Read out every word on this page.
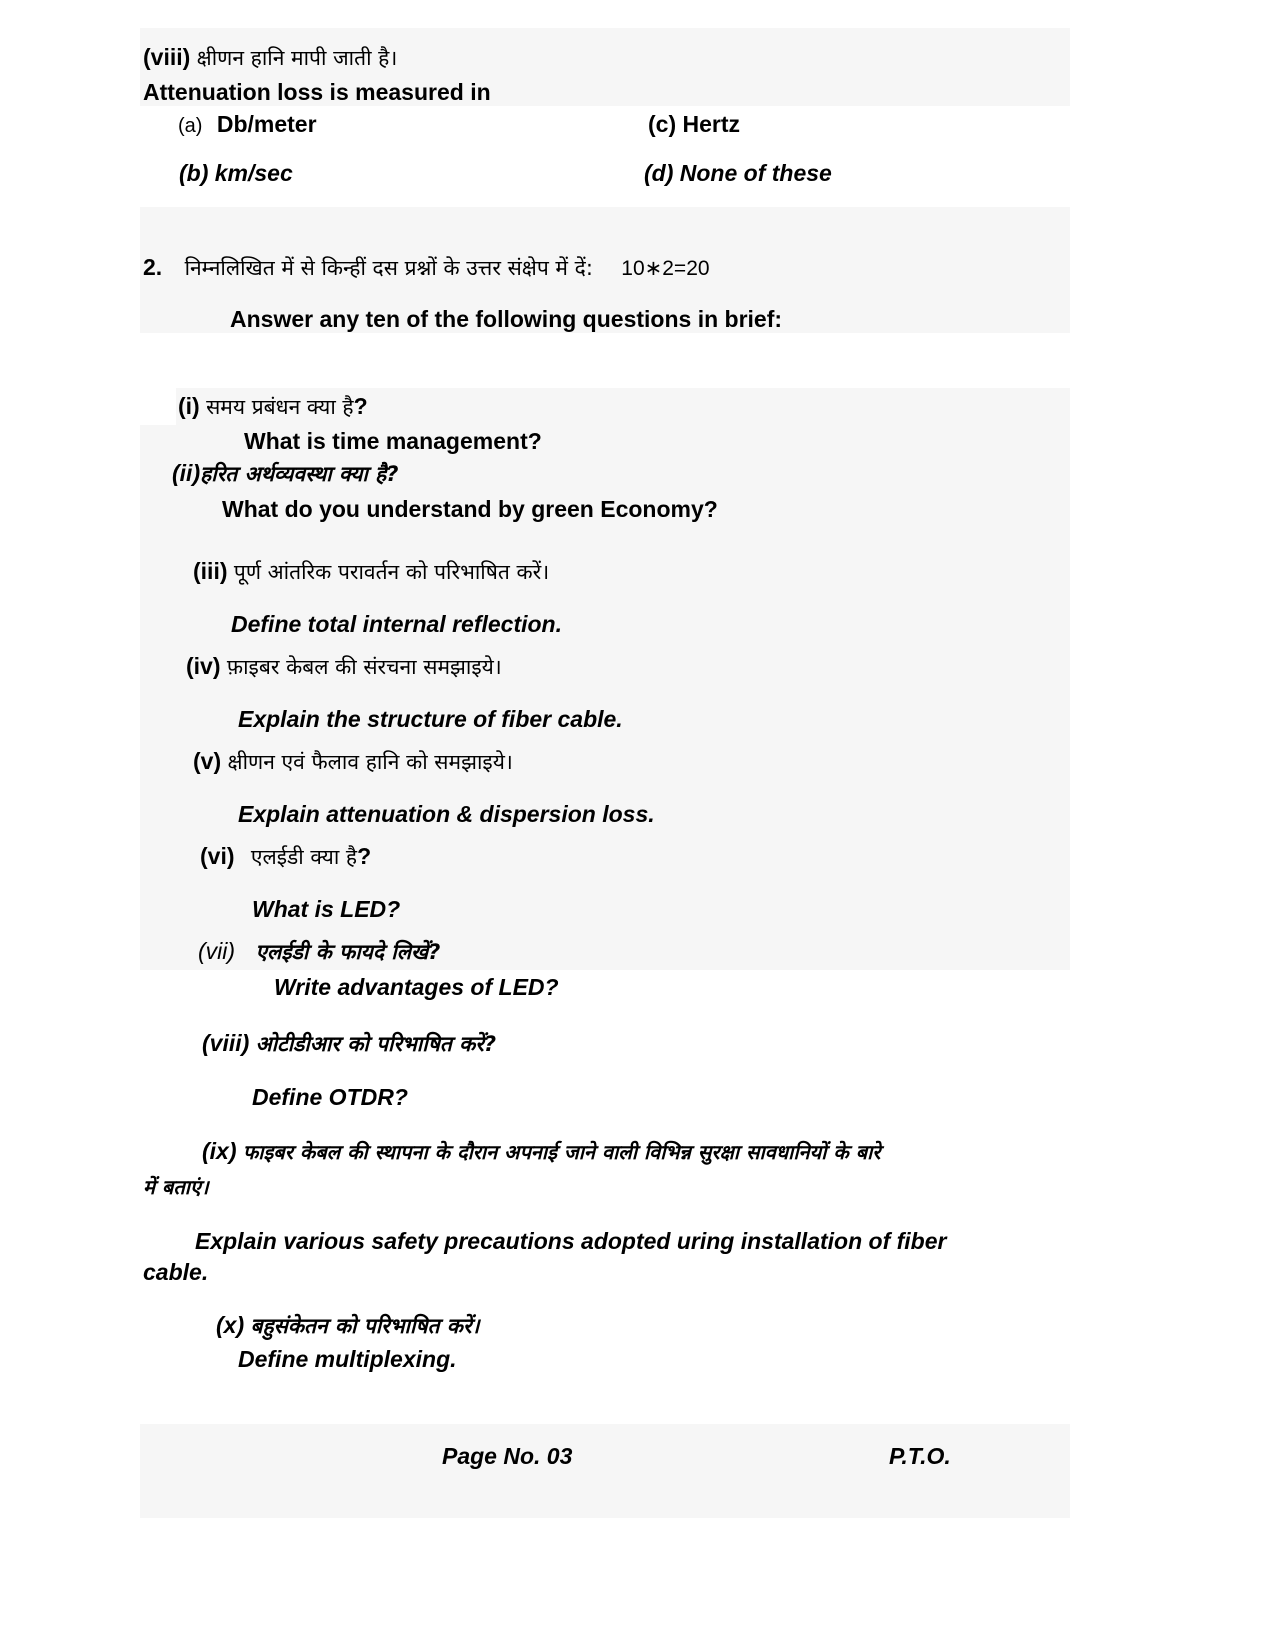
(viii) क्षीणन हानि मापी जाती है।
Attenuation loss is measured in
(a) Db/meter	(c) Hertz
(b) km/sec	(d) None of these
2. निम्नलिखित में से किन्हीं दस प्रश्नों के उत्तर संक्षेप में दें: 10∗2=20
Answer any ten of the following questions in brief:
(i) समय प्रबंधन क्या है?
What is time management?
(ii)हरित अर्थव्यवस्था क्या है?
What do you understand by green Economy?
(iii) पूर्ण आंतरिक परावर्तन को परिभाषित करें।
Define total internal reflection.
(iv) फ़ाइबर केबल की संरचना समझाइये।
Explain the structure of fiber cable.
(v) क्षीणन एवं फैलाव हानि को समझाइये।
Explain attenuation & dispersion loss.
(vi) एलईडी क्या है?
What is LED?
(vii) एलईडी के फायदे लिखें?
Write advantages of LED?
(viii) ओटीडीआर को परिभाषित करें?
Define OTDR?
(ix) फाइबर केबल की स्थापना के दौरान अपनाई जाने वाली विभिन्न सुरक्षा सावधानियों के बारे
में बताएं।
Explain various safety precautions adopted uring installation of fiber
cable.
(x) बहुसंकेतन को परिभाषित करें।
Define multiplexing.
Page No. 03	P.T.O.
